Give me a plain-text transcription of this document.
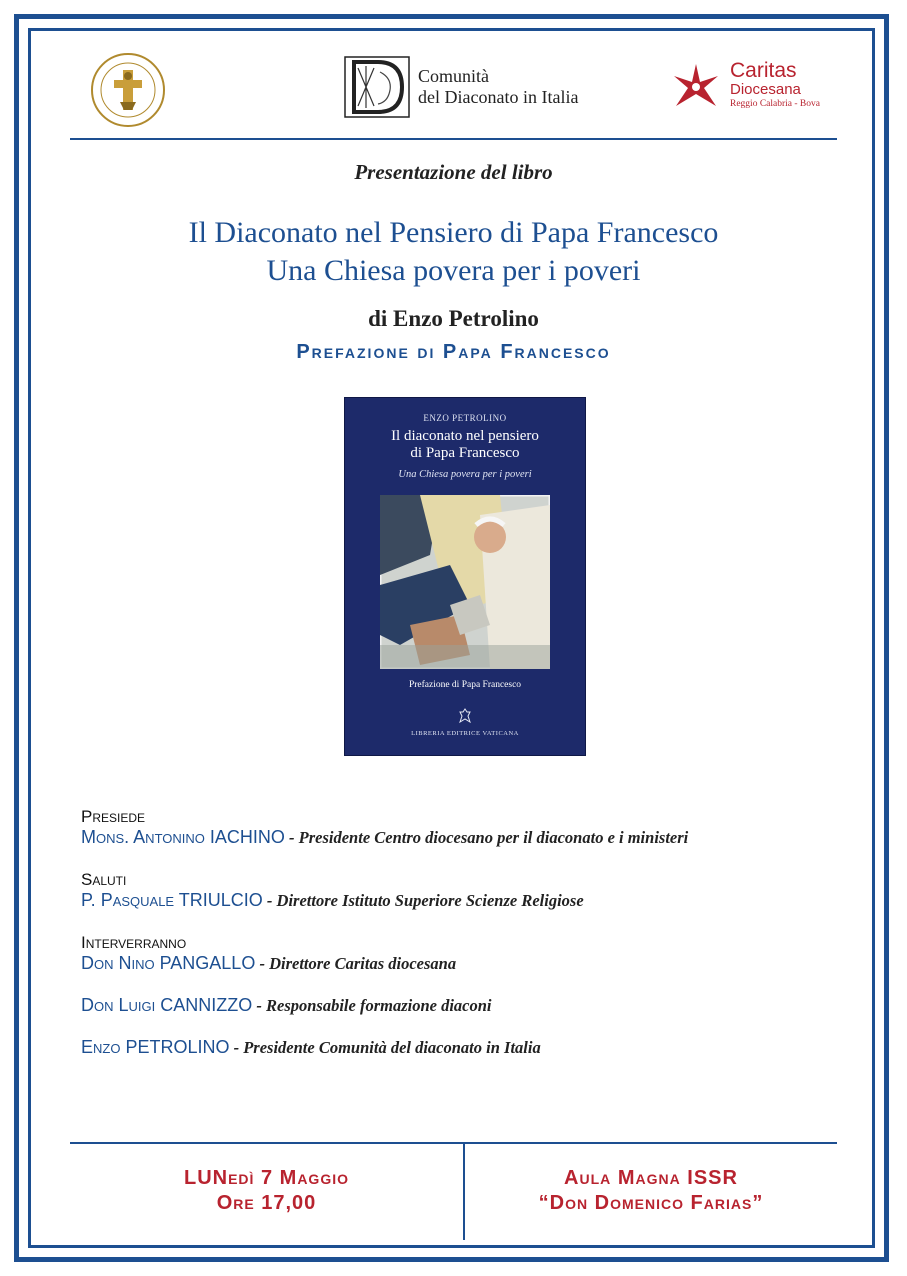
Comunità
del Diaconato in Italia
Caritas
Diocesana
Reggio Calabria - Bova
Presentazione del libro
Il Diaconato nel Pensiero di Papa Francesco
Una Chiesa povera per i poveri
di Enzo Petrolino
Prefazione di Papa Francesco
ENZO PETROLINO
Il diaconato nel pensiero
di Papa Francesco
Una Chiesa povera per i poveri
Prefazione di Papa Francesco
LIBRERIA EDITRICE VATICANA
Presiede
Mons. Antonino IACHINO - Presidente Centro diocesano per il diaconato e i ministeri
Saluti
P. Pasquale TRIULCIO - Direttore Istituto Superiore Scienze Religiose
Interverranno
Don Nino PANGALLO - Direttore Caritas diocesana
Don Luigi CANNIZZO - Responsabile formazione diaconi
Enzo PETROLINO - Presidente Comunità del diaconato in Italia
LUNedì 7 Maggio
Ore 17,00
Aula Magna ISSR
“Don Domenico Farias”
